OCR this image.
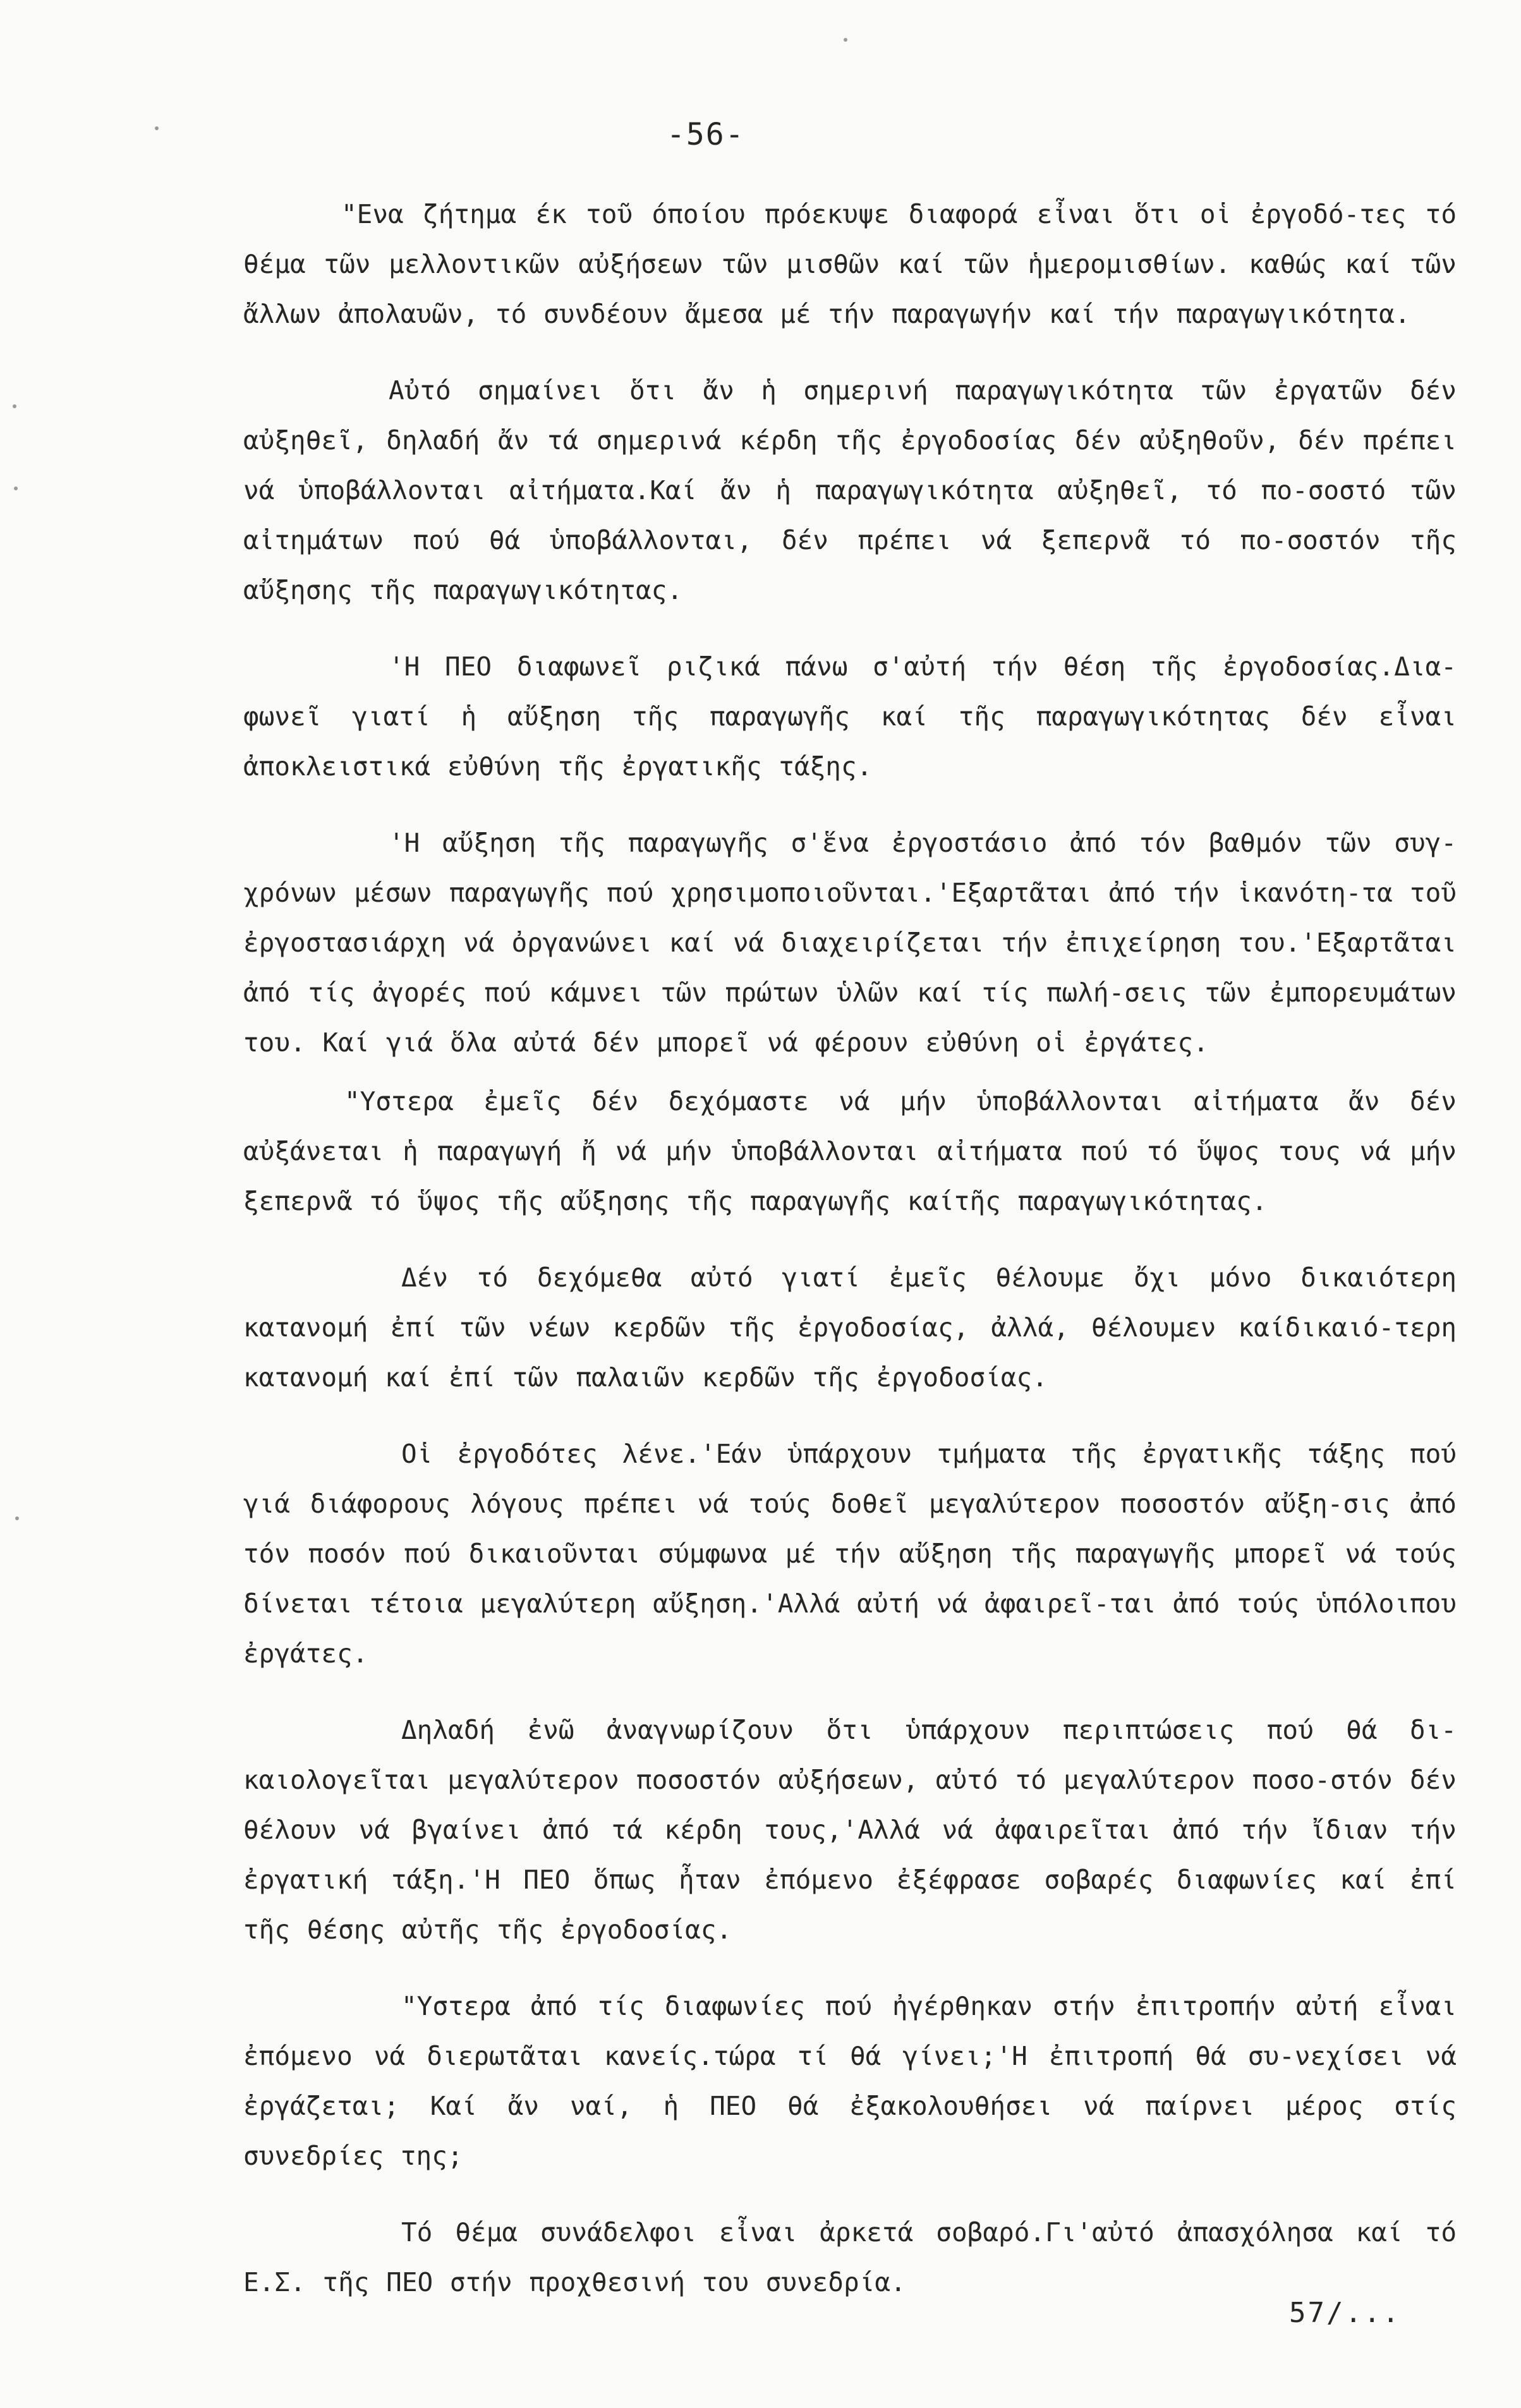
-56-

"Ενα ζήτημα έκ τοῦ όποίου πρόεκυψε διαφορά εἶναι ὅτι οἱ ἐργοδό-τες τό θέμα τῶν μελλοντικῶν αὐξήσεων τῶν μισθῶν καί τῶν ἡμερομισθίων. καθώς καί τῶν ἄλλων ἀπολαυῶν, τό συνδέουν ἄμεσα μέ τήν παραγωγήν καί τήν παραγωγικότητα.

Αὐτό σημαίνει ὅτι ἄν ἡ σημερινή παραγωγικότητα τῶν ἐργατῶν δέν αὐξηθεῖ, δηλαδή ἄν τά σημερινά κέρδη τῆς ἐργοδοσίας δέν αὐξηθοῦν, δέν πρέπει νά ὑποβάλλονται αἰτήματα.Καί ἄν ἡ παραγωγικότητα αὐξηθεῖ, τό πο-σοστό τῶν αἰτημάτων πού θά ὑποβάλλονται, δέν πρέπει νά ξεπερνᾶ τό πο-σοστόν τῆς αὔξησης τῆς παραγωγικότητας.

'Η ΠΕΟ διαφωνεῖ ριζικά πάνω σ'αὐτή τήν θέση τῆς ἐργοδοσίας.Δια-φωνεῖ γιατί ἡ αὔξηση τῆς παραγωγῆς καί τῆς παραγωγικότητας δέν εἶναι ἀποκλειστικά εὐθύνη τῆς ἐργατικῆς τάξης.

'Η αὔξηση τῆς παραγωγῆς σ'ἕνα ἐργοστάσιο ἀπό τόν βαθμόν τῶν συγ-χρόνων μέσων παραγωγῆς πού χρησιμοποιοῦνται.'Εξαρτᾶται ἀπό τήν ἱκανότη-τα τοῦ ἐργοστασιάρχη νά ὀργανώνει καί νά διαχειρίζεται τήν ἐπιχείρηση του.'Εξαρτᾶται ἀπό τίς ἀγορές πού κάμνει τῶν πρώτων ὑλῶν καί τίς πωλή-σεις τῶν ἐμπορευμάτων του. Καί γιά ὅλα αὐτά δέν μπορεῖ νά φέρουν εὐθύνη οἱ ἐργάτες.

"Υστερα ἐμεῖς δέν δεχόμαστε νά μήν ὑποβάλλονται αἰτήματα ἄν δέν αὐξάνεται ἡ παραγωγή ἤ νά μήν ὑποβάλλονται αἰτήματα πού τό ὕψος τους νά μήν ξεπερνᾶ τό ὕψος τῆς αὔξησης τῆς παραγωγῆς καίτῆς παραγωγικότητας.

Δέν τό δεχόμεθα αὐτό γιατί ἐμεῖς θέλουμε ὄχι μόνο δικαιότερη κατανομή ἐπί τῶν νέων κερδῶν τῆς ἐργοδοσίας, ἀλλά, θέλουμεν καίδικαιό-τερη κατανομή καί ἐπί τῶν παλαιῶν κερδῶν τῆς ἐργοδοσίας.

Οἱ ἐργοδότες λένε.'Εάν ὑπάρχουν τμήματα τῆς ἐργατικῆς τάξης πού γιά διάφορους λόγους πρέπει νά τούς δοθεῖ μεγαλύτερον ποσοστόν αὔξη-σις ἀπό τόν ποσόν πού δικαιοῦνται σύμφωνα μέ τήν αὔξηση τῆς παραγωγῆς μπορεῖ νά τούς δίνεται τέτοια μεγαλύτερη αὔξηση.'Αλλά αὐτή νά ἀφαιρεῖ-ται ἀπό τούς ὑπόλοιπου ἐργάτες.

Δηλαδή ἐνῶ ἀναγνωρίζουν ὅτι ὑπάρχουν περιπτώσεις πού θά δι-καιολογεῖται μεγαλύτερον ποσοστόν αὐξήσεων, αὐτό τό μεγαλύτερον ποσο-στόν δέν θέλουν νά βγαίνει ἀπό τά κέρδη τους,'Αλλά νά ἀφαιρεῖται ἀπό τήν ἴδιαν τήν ἐργατική τάξη.'Η ΠΕΟ ὅπως ἦταν ἐπόμενο ἐξέφρασε σοβαρές διαφωνίες καί ἐπί τῆς θέσης αὐτῆς τῆς ἐργοδοσίας.

"Υστερα ἀπό τίς διαφωνίες πού ἠγέρθηκαν στήν ἐπιτροπήν αὐτή εἶναι ἐπόμενο νά διερωτᾶται κανείς.τώρα τί θά γίνει;'Η ἐπιτροπή θά συ-νεχίσει νά ἐργάζεται; Καί ἄν ναί, ἡ ΠΕΟ θά ἐξακολουθήσει νά παίρνει μέρος στίς συνεδρίες της;

Τό θέμα συνάδελφοι εἶναι ἀρκετά σοβαρό.Γι'αὐτό ἀπασχόλησα καί τό Ε.Σ. τῆς ΠΕΟ στήν προχθεσινή του συνεδρία.

57/...
